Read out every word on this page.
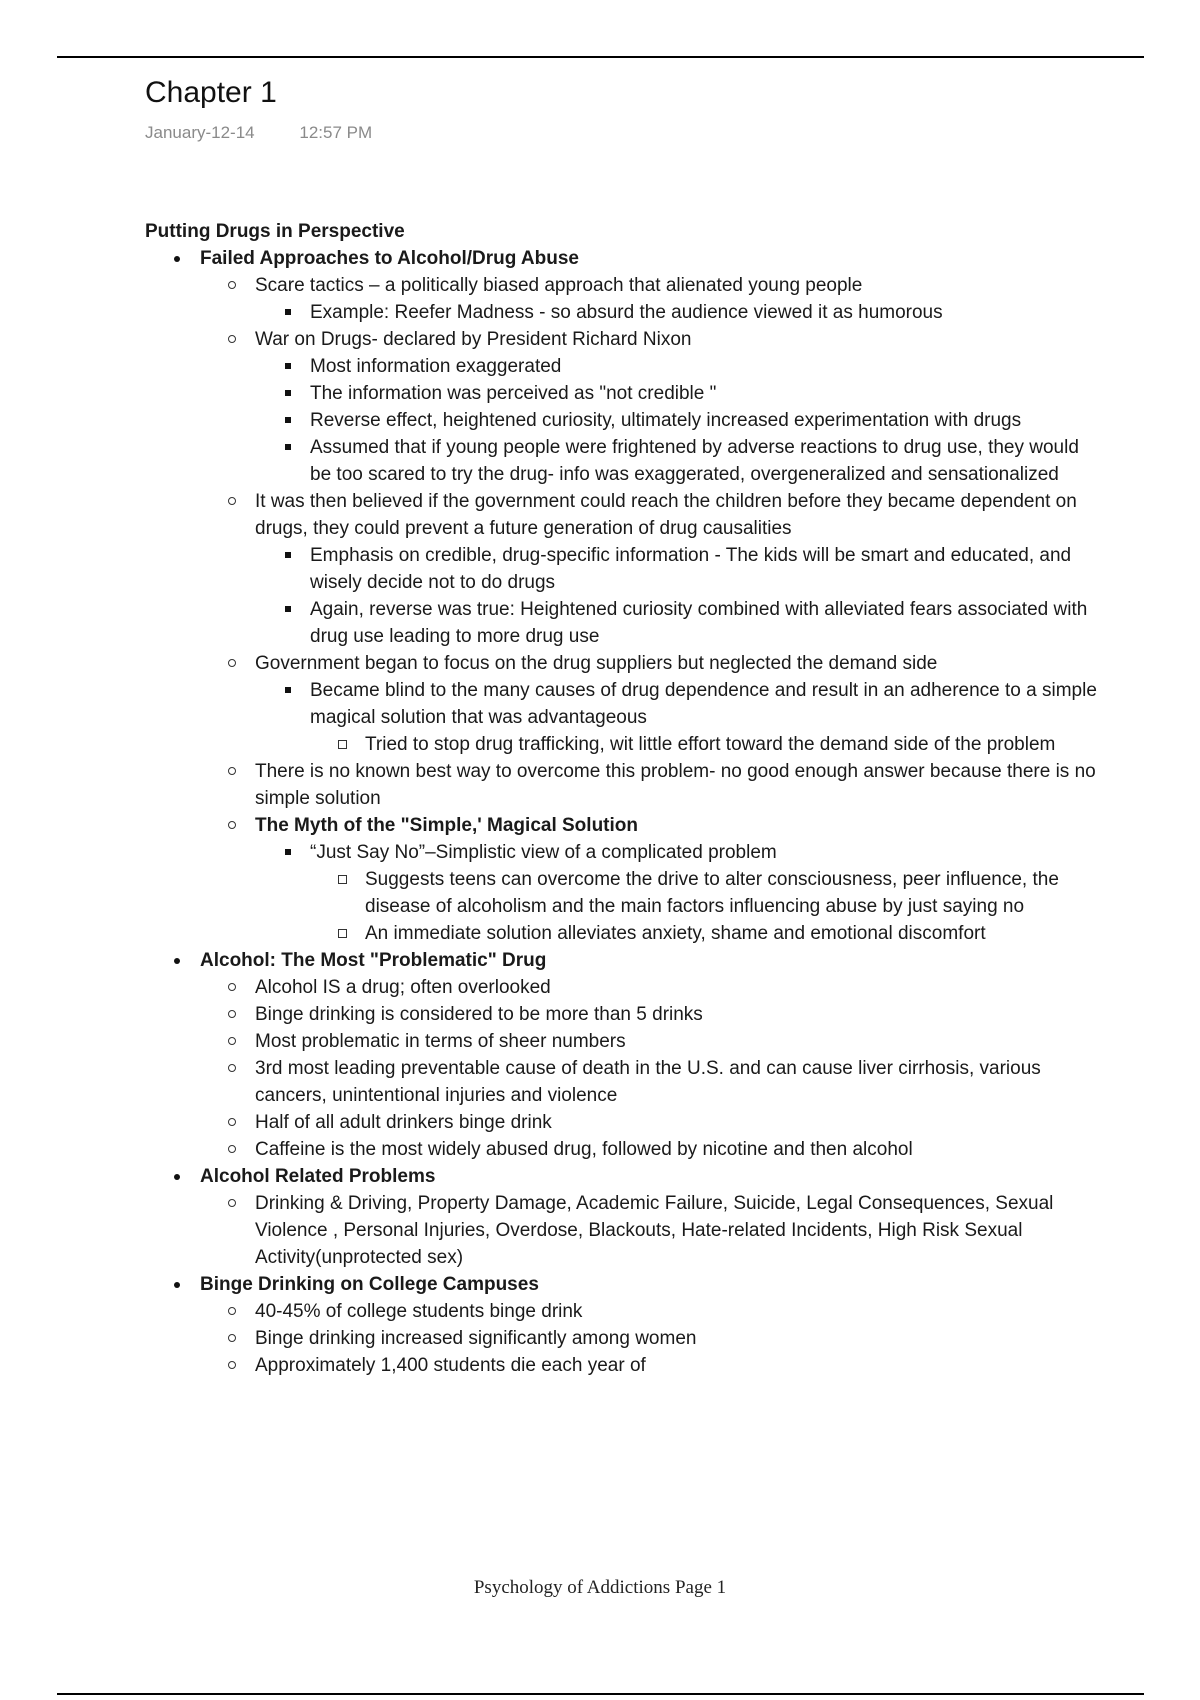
Chapter 1
January-12-14	12:57 PM
Putting Drugs in Perspective
Failed Approaches to Alcohol/Drug Abuse
Scare tactics – a politically biased approach that alienated young people
Example: Reefer Madness - so absurd the audience viewed it as humorous
War on Drugs- declared by President Richard Nixon
Most information exaggerated
The information was perceived as "not credible "
Reverse effect, heightened curiosity, ultimately increased experimentation with drugs
Assumed that if young people were frightened by adverse reactions to drug use, they would be too scared to try the drug- info was exaggerated, overgeneralized and sensationalized
It was then believed if the government could reach the children before they became dependent on drugs, they could prevent a future generation of drug causalities
Emphasis on credible, drug-specific information - The kids will be smart and educated, and wisely decide not to do drugs
Again, reverse was true: Heightened curiosity combined with alleviated fears associated with drug use leading to more drug use
Government began to focus on the drug suppliers but neglected the demand side
Became blind to the many causes of drug dependence and result in an adherence to a simple magical solution that was advantageous
Tried to stop drug trafficking, wit little effort toward the demand side of the problem
There is no known best way to overcome this problem- no good enough answer because there is no simple solution
The Myth of the "Simple,' Magical Solution
“Just Say No”–Simplistic view of a complicated problem
Suggests teens can overcome the drive to alter consciousness, peer influence, the disease of alcoholism and the main factors influencing abuse by just saying no
An immediate solution alleviates anxiety, shame and emotional discomfort
Alcohol: The Most "Problematic" Drug
Alcohol IS a drug; often overlooked
Binge drinking is considered to be more than 5 drinks
Most problematic in terms of sheer numbers
3rd most leading preventable cause of death in the U.S. and can cause liver cirrhosis, various cancers, unintentional injuries and violence
Half of all adult drinkers binge drink
Caffeine is the most widely abused drug, followed by nicotine and then alcohol
Alcohol Related Problems
Drinking & Driving, Property Damage, Academic Failure, Suicide, Legal Consequences, Sexual Violence , Personal Injuries, Overdose, Blackouts, Hate-related Incidents, High Risk Sexual Activity(unprotected sex)
Binge Drinking on College Campuses
40-45% of college students binge drink
Binge drinking increased significantly among women
Approximately 1,400 students die each year of
Psychology of Addictions Page 1
